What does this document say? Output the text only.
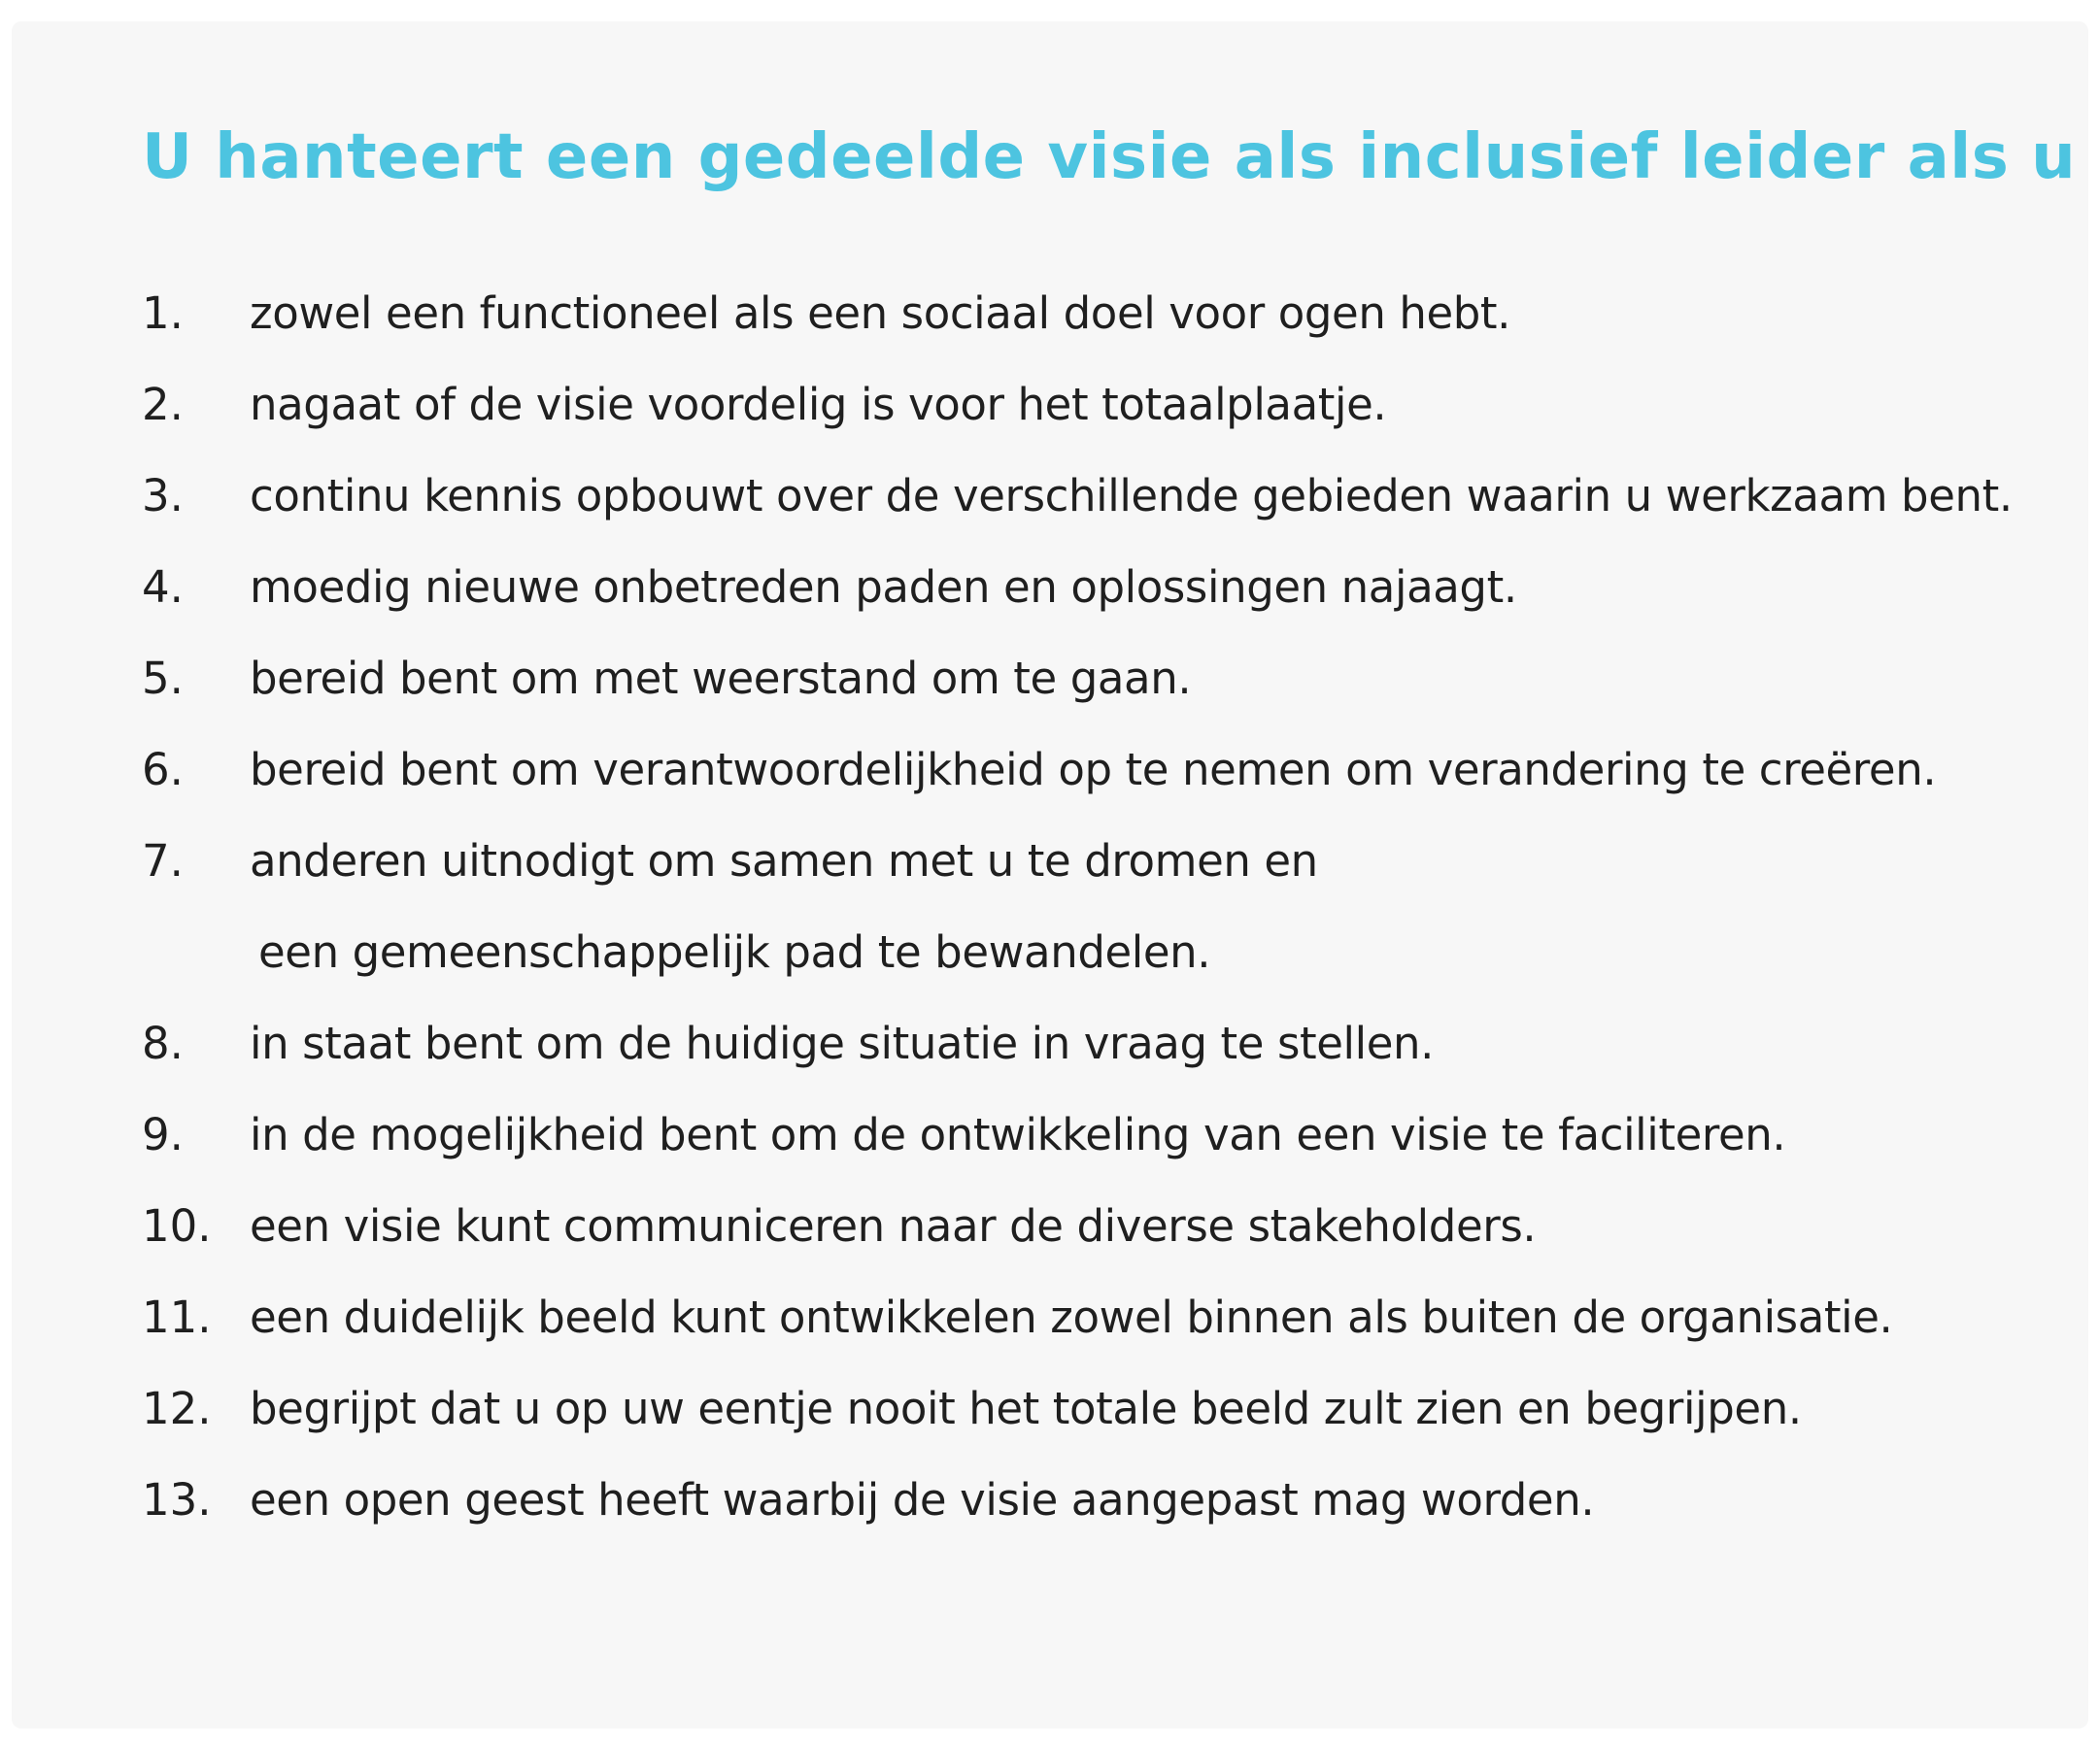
U hanteert een gedeelde visie als inclusief leider als u
1.	zowel een functioneel als een sociaal doel voor ogen hebt.
2.	nagaat of de visie voordelig is voor het totaalplaatje.
3.	continu kennis opbouwt over de verschillende gebieden waarin u werkzaam bent.
4.	moedig nieuwe onbetreden paden en oplossingen najaagt.
5.	bereid bent om met weerstand om te gaan.
6.	bereid bent om verantwoordelijkheid op te nemen om verandering te creëren.
7.	anderen uitnodigt om samen met u te dromen en
een gemeenschappelijk pad te bewandelen.
8.	in staat bent om de huidige situatie in vraag te stellen.
9.	in de mogelijkheid bent om de ontwikkeling van een visie te faciliteren.
10. een visie kunt communiceren naar de diverse stakeholders.
11. een duidelijk beeld kunt ontwikkelen zowel binnen als buiten de organisatie.
12. begrijpt dat u op uw eentje nooit het totale beeld zult zien en begrijpen.
13. een open geest heeft waarbij de visie aangepast mag worden.
